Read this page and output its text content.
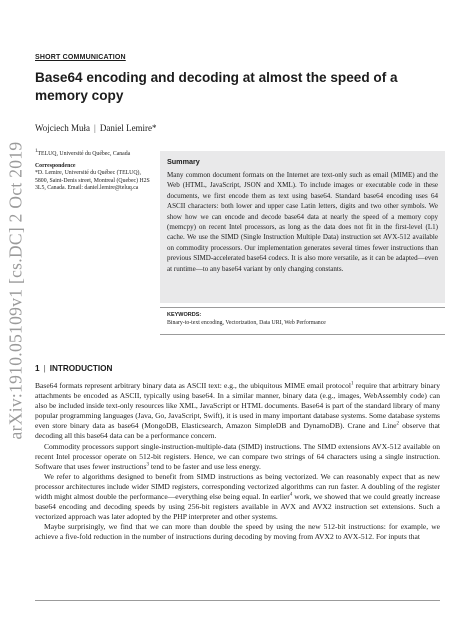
arXiv:1910.05109v1 [cs.DC] 2 Oct 2019
SHORT COMMUNICATION
Base64 encoding and decoding at almost the speed of a memory copy
Wojciech Muła | Daniel Lemire*
$^1$TELUQ, Université du Québec, Canada
Correspondence
*D. Lemire, Université du Québec (TELUQ), 5800, Saint-Denis street, Montreal (Quebec) H2S 3L5, Canada. Email: daniel.lemire@teluq.ca
Summary

Many common document formats on the Internet are text-only such as email (MIME) and the Web (HTML, JavaScript, JSON and XML). To include images or executable code in these documents, we first encode them as text using base64. Standard base64 encoding uses 64 ASCII characters: both lower and upper case Latin letters, digits and two other symbols. We show how we can encode and decode base64 data at nearly the speed of a memory copy (memcpy) on recent Intel processors, as long as the data does not fit in the first-level (L1) cache. We use the SIMD (Single Instruction Multiple Data) instruction set AVX-512 available on commodity processors. Our implementation generates several times fewer instructions than previous SIMD-accelerated base64 codecs. It is also more versatile, as it can be adapted—even at runtime—to any base64 variant by only changing constants.

KEYWORDS:
Binary-to-text encoding, Vectorization, Data URI, Web Performance
1 | INTRODUCTION

Base64 formats represent arbitrary binary data as ASCII text: e.g., the ubiquitous MIME email protocol$^1$ require that arbitrary binary attachments be encoded as ASCII, typically using base64. In a similar manner, binary data (e.g., images, WebAssembly code) can also be included inside text-only resources like XML, JavaScript or HTML documents. Base64 is part of the standard library of many popular programming languages (Java, Go, JavaScript, Swift), it is used in many important database systems. Some database systems even store binary data as base64 (MongoDB, Elasticsearch, Amazon SimpleDB and DynamoDB). Crane and Line$^2$ observe that decoding all this base64 data can be a performance concern.

Commodity processors support single-instruction-multiple-data (SIMD) instructions. The SIMD extensions AVX-512 available on recent Intel processor operate on 512-bit registers. Hence, we can compare two strings of 64 characters using a single instruction. Software that uses fewer instructions$^3$ tend to be faster and use less energy.

We refer to algorithms designed to benefit from SIMD instructions as being vectorized. We can reasonably expect that as new processor architectures include wider SIMD registers, corresponding vectorized algorithms can run faster. A doubling of the register width might almost double the performance—everything else being equal. In earlier$^4$ work, we showed that we could greatly increase base64 encoding and decoding speeds by using 256-bit registers available in AVX and AVX2 instruction set extensions. Such a vectorized approach was later adopted by the PHP interpreter and other systems.

Maybe surprisingly, we find that we can more than double the speed by using the new 512-bit instructions: for example, we achieve a five-fold reduction in the number of instructions during decoding by moving from AVX2 to AVX-512. For inputs that
